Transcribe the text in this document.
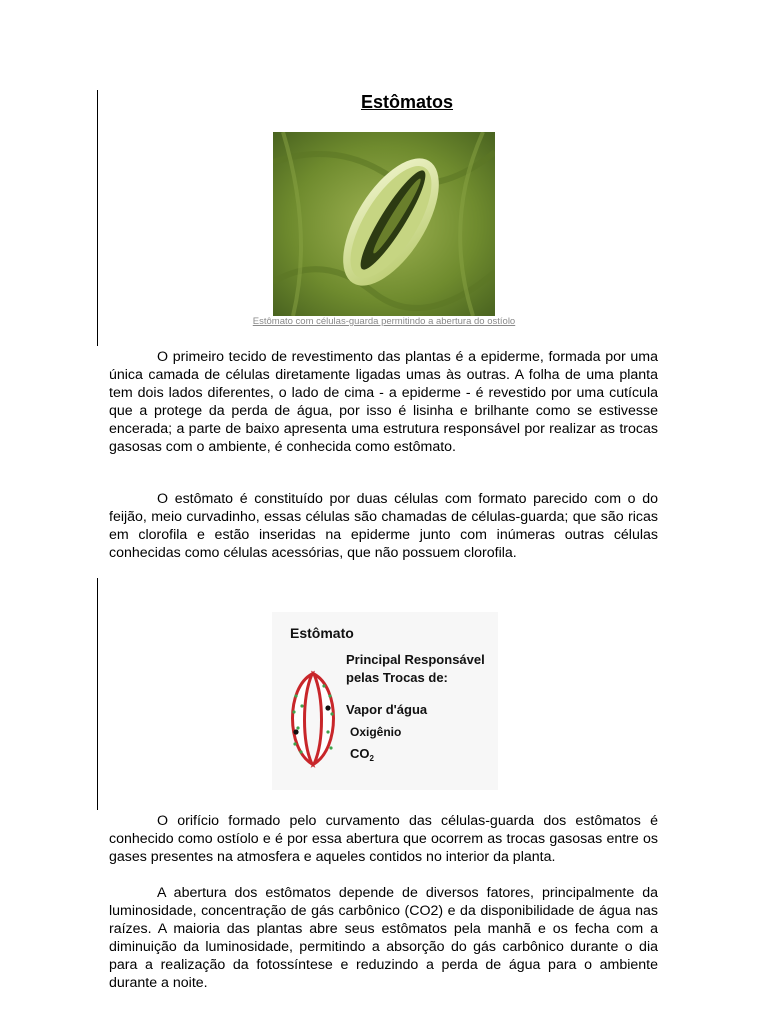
Estômatos
Estômato com células-guarda permitindo a abertura do ostíolo

O primeiro tecido de revestimento das plantas é a epiderme, formada por uma única camada de células diretamente ligadas umas às outras. A folha de uma planta tem dois lados diferentes, o lado de cima - a epiderme - é revestido por uma cutícula que a protege da perda de água, por isso é lisinha e brilhante como se estivesse encerada; a parte de baixo apresenta uma estrutura responsável por realizar as trocas gasosas com o ambiente, é conhecida como estômato.

O estômato é constituído por duas células com formato parecido com o do feijão, meio curvadinho, essas células são chamadas de células-guarda; que são ricas em clorofila e estão inseridas na epiderme junto com inúmeras outras células conhecidas como células acessórias, que não possuem clorofila.

Estômato
Principal Responsável
pelas Trocas de:
Vapor d'água
Oxigênio
$CO_2$

O orifício formado pelo curvamento das células-guarda dos estômatos é conhecido como ostíolo e é por essa abertura que ocorrem as trocas gasosas entre os gases presentes na atmosfera e aqueles contidos no interior da planta.

A abertura dos estômatos depende de diversos fatores, principalmente da luminosidade, concentração de gás carbônico (CO2) e da disponibilidade de água nas raízes. A maioria das plantas abre seus estômatos pela manhã e os fecha com a diminuição da luminosidade, permitindo a absorção do gás carbônico durante o dia para a realização da fotossíntese e reduzindo a perda de água para o ambiente durante a noite.
